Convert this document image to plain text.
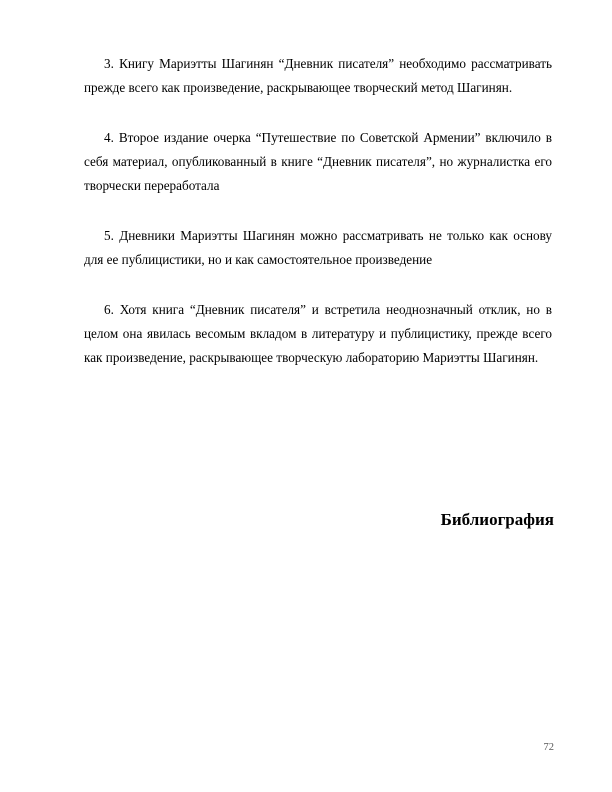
3. Книгу Мариэтты Шагинян “Дневник писателя” необходимо рассматривать прежде всего как произведение, раскрывающее творческий метод Шагинян.

4. Второе издание очерка “Путешествие по Советской Армении” включило в себя материал, опубликованный в книге “Дневник писателя”, но журналистка его творчески переработала

5. Дневники Мариэтты Шагинян можно рассматривать не только как основу для ее публицистики, но и как самостоятельное произведение

6. Хотя книга “Дневник писателя” и встретила неоднозначный отклик, но в целом она явилась весомым вкладом в литературу и публицистику, прежде всего как произведение, раскрывающее творческую лабораторию Мариэтты Шагинян.

Библиография
72
